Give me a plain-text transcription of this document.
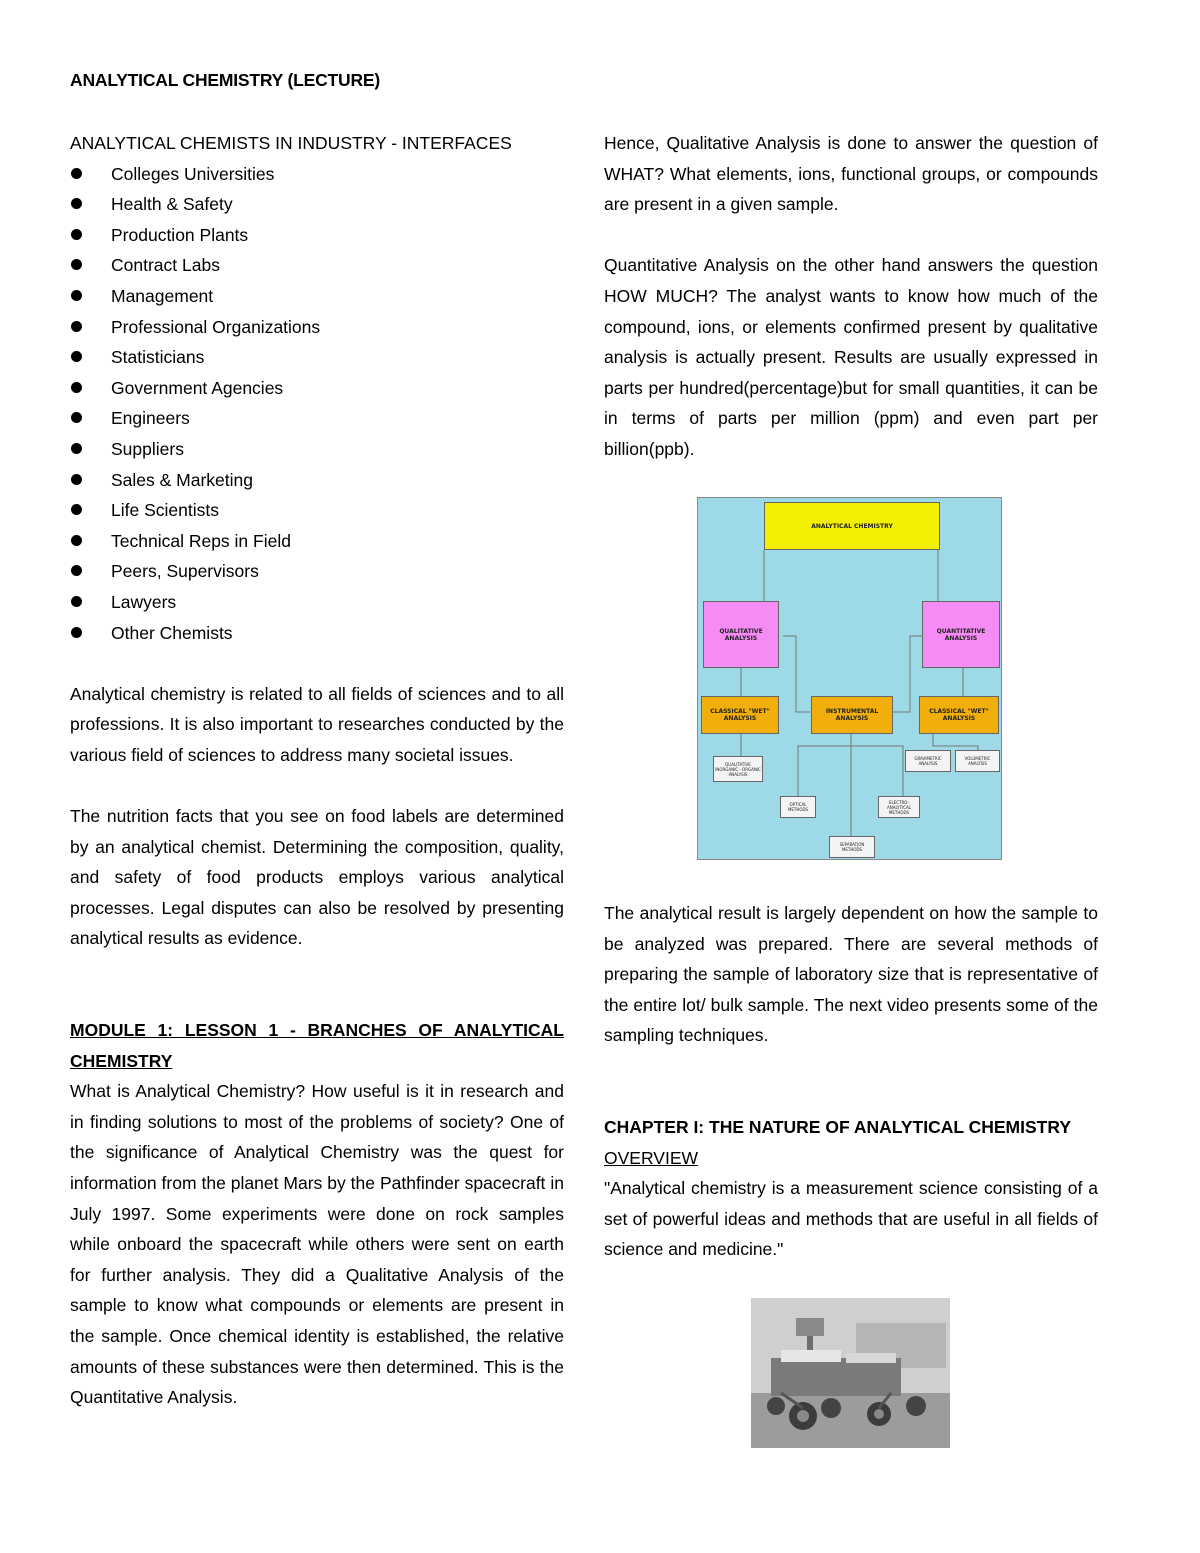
ANALYTICAL CHEMISTRY (LECTURE)

ANALYTICAL CHEMISTS IN INDUSTRY - INTERFACES

Colleges Universities
Health & Safety
Production Plants
Contract Labs
Management
Professional Organizations
Statisticians
Government Agencies
Engineers
Suppliers
Sales & Marketing
Life Scientists
Technical Reps in Field
Peers, Supervisors
Lawyers
Other Chemists

Analytical chemistry is related to all fields of sciences and to all professions. It is also important to researches conducted by the various field of sciences to address many societal issues.

The nutrition facts that you see on food labels are determined by an analytical chemist. Determining the composition, quality, and safety of food products employs various analytical processes. Legal disputes can also be resolved by presenting analytical results as evidence.

MODULE 1: LESSON 1 - BRANCHES OF ANALYTICAL CHEMISTRY

What is Analytical Chemistry? How useful is it in research and in finding solutions to most of the problems of society? One of the significance of Analytical Chemistry was the quest for information from the planet Mars by the Pathfinder spacecraft in July 1997. Some experiments were done on rock samples while onboard the spacecraft while others were sent on earth for further analysis. They did a Qualitative Analysis of the sample to know what compounds or elements are present in the sample. Once chemical identity is established, the relative amounts of these substances were then determined. This is the Quantitative Analysis.

Hence, Qualitative Analysis is done to answer the question of WHAT? What elements, ions, functional groups, or compounds are present in a given sample.

Quantitative Analysis on the other hand answers the question HOW MUCH? The analyst wants to know how much of the compound, ions, or elements confirmed present by qualitative analysis is actually present. Results are usually expressed in parts per hundred(percentage)but for small quantities, it can be in terms of parts per million (ppm) and even part per billion(ppb).

ANALYTICAL CHEMISTRY
QUALITATIVE ANALYSIS
QUANTITATIVE ANALYSIS
CLASSICAL "WET" ANALYSIS
INSTRUMENTAL ANALYSIS
CLASSICAL "WET" ANALYSIS
QUALITATIVE INORGANIC - ORGANIC ANALYSIS
GRAVIMETRIC ANALYSIS
VOLUMETRIC ANALYSIS
OPTICAL METHODS
ELECTRO-ANALYTICAL METHODS
SEPARATION METHODS

The analytical result is largely dependent on how the sample to be analyzed was prepared. There are several methods of preparing the sample of laboratory size that is representative of the entire lot/ bulk sample. The next video presents some of the sampling techniques.

CHAPTER I: THE NATURE OF ANALYTICAL CHEMISTRY

OVERVIEW

"Analytical chemistry is a measurement science consisting of a set of powerful ideas and methods that are useful in all fields of science and medicine."
